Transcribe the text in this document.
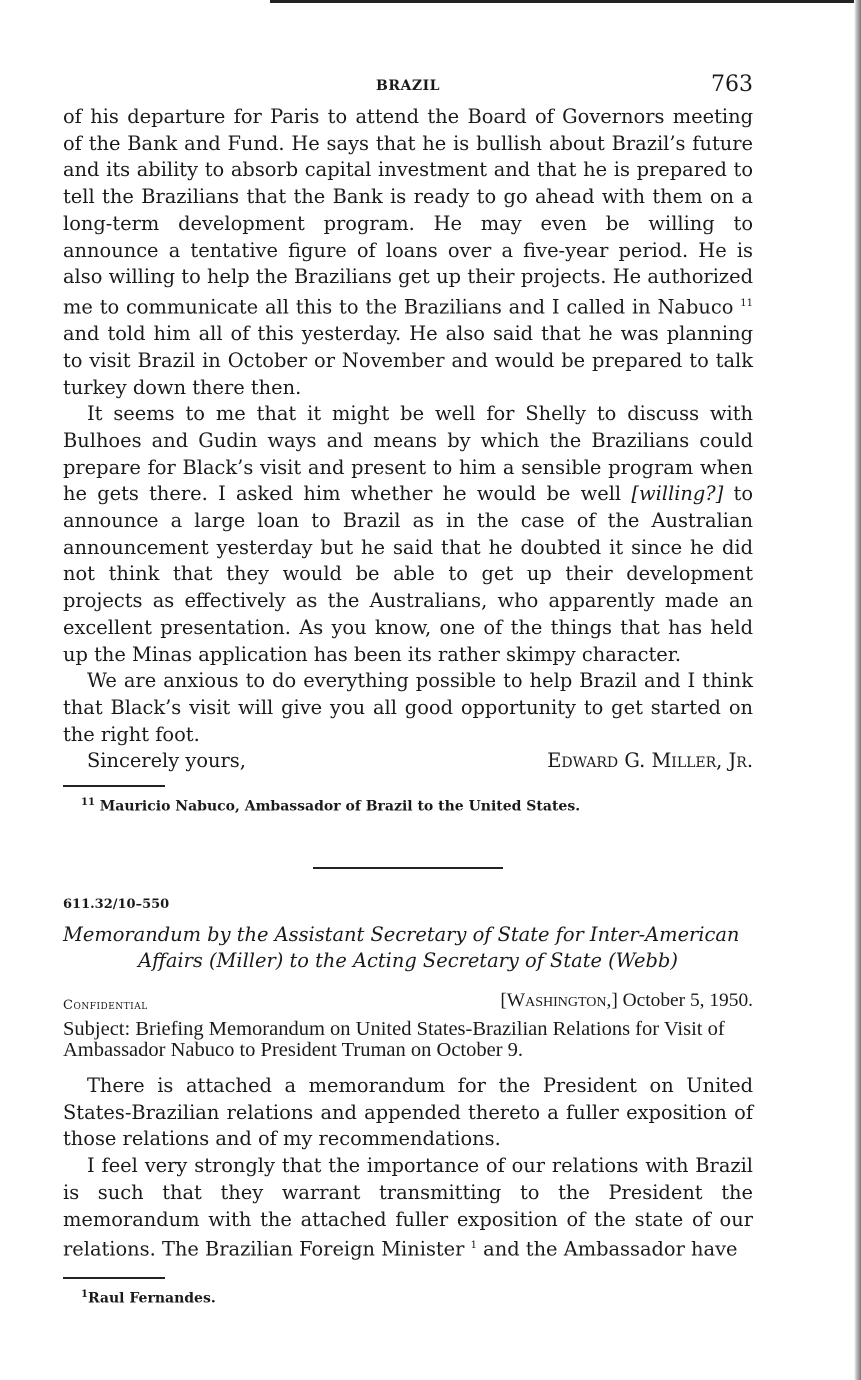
BRAZIL	763

of his departure for Paris to attend the Board of Governors meeting of the Bank and Fund. He says that he is bullish about Brazil’s future and its ability to absorb capital investment and that he is prepared to tell the Brazilians that the Bank is ready to go ahead with them on a long-term development program. He may even be willing to announce a tentative figure of loans over a five-year period. He is also willing to help the Brazilians get up their projects. He authorized me to communicate all this to the Brazilians and I called in Nabuco $^{11}$ and told him all of this yesterday. He also said that he was planning to visit Brazil in October or November and would be prepared to talk turkey down there then.

It seems to me that it might be well for Shelly to discuss with Bulhoes and Gudin ways and means by which the Brazilians could prepare for Black’s visit and present to him a sensible program when he gets there. I asked him whether he would be well [willing?] to announce a large loan to Brazil as in the case of the Australian announcement yesterday but he said that he doubted it since he did not think that they would be able to get up their development projects as effectively as the Australians, who apparently made an excellent presentation. As you know, one of the things that has held up the Minas application has been its rather skimpy character.

We are anxious to do everything possible to help Brazil and I think that Black’s visit will give you all good opportunity to get started on the right foot.

Sincerely yours,	Edward G. Miller, Jr.
$^{11}$ Mauricio Nabuco, Ambassador of Brazil to the United States.
611.32/10–550
Memorandum by the Assistant Secretary of State for Inter-American
Affairs (Miller) to the Acting Secretary of State (Webb)
Confidential	[Washington,] October 5, 1950.
Subject: Briefing Memorandum on United States-Brazilian Relations for Visit of Ambassador Nabuco to President Truman on October 9.

There is attached a memorandum for the President on United States-Brazilian relations and appended thereto a fuller exposition of those relations and of my recommendations.

I feel very strongly that the importance of our relations with Brazil is such that they warrant transmitting to the President the memorandum with the attached fuller exposition of the state of our relations. The Brazilian Foreign Minister $^1$ and the Ambassador have

$^1$Raul Fernandes.
